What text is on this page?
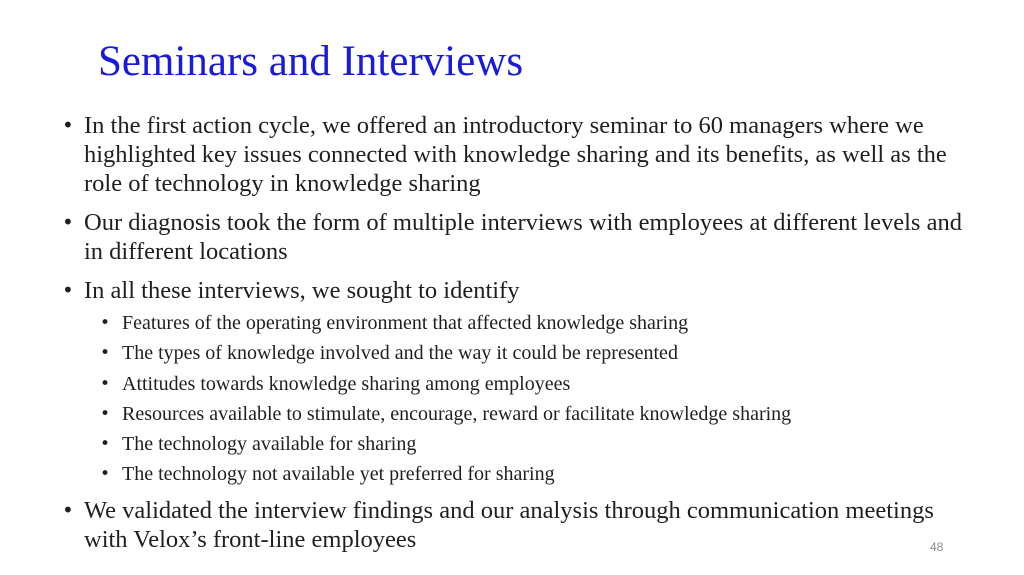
Seminars and Interviews
• In the first action cycle, we offered an introductory seminar to 60 managers where we highlighted key issues connected with knowledge sharing and its benefits, as well as the role of technology in knowledge sharing
• Our diagnosis took the form of multiple interviews with employees at different levels and in different locations
• In all these interviews, we sought to identify
• Features of the operating environment that affected knowledge sharing
• The types of knowledge involved and the way it could be represented
• Attitudes towards knowledge sharing among employees
• Resources available to stimulate, encourage, reward or facilitate knowledge sharing
• The technology available for sharing
• The technology not available yet preferred for sharing
• We validated the interview findings and our analysis through communication meetings with Velox’s front-line employees	48
